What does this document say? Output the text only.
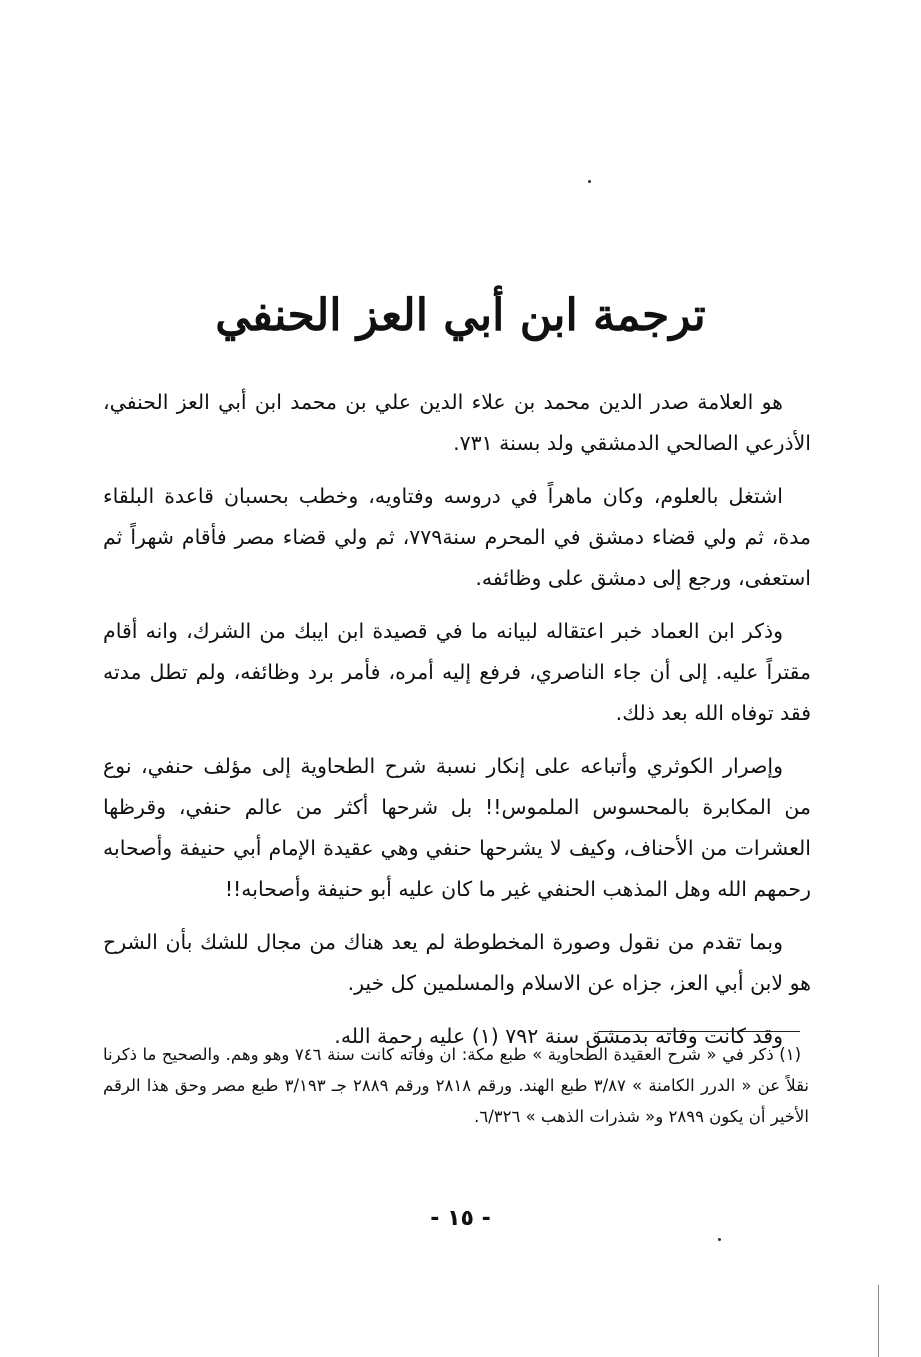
ترجمة ابن أبي العز الحنفي

هو العلامة صدر الدين محمد بن علاء الدين علي بن محمد ابن أبي العز الحنفي، الأذرعي الصالحي الدمشقي ولد بسنة ٧٣١.

اشتغل بالعلوم، وكان ماهراً في دروسه وفتاويه، وخطب بحسبان قاعدة البلقاء مدة، ثم ولي قضاء دمشق في المحرم سنة٧٧٩، ثم ولي قضاء مصر فأقام شهراً ثم استعفى، ورجع إلى دمشق على وظائفه.

وذكر ابن العماد خبر اعتقاله لبيانه ما في قصيدة ابن ايبك من الشرك، وانه أقام مقتراً عليه. إلى أن جاء الناصري، فرفع إليه أمره، فأمر برد وظائفه، ولم تطل مدته فقد توفاه الله بعد ذلك.

وإصرار الكوثري وأتباعه على إنكار نسبة شرح الطحاوية إلى مؤلف حنفي، نوع من المكابرة بالمحسوس الملموس!! بل شرحها أكثر من عالم حنفي، وقرظها العشرات من الأحناف، وكيف لا يشرحها حنفي وهي عقيدة الإمام أبي حنيفة وأصحابه رحمهم الله وهل المذهب الحنفي غير ما كان عليه أبو حنيفة وأصحابه!!

وبما تقدم من نقول وصورة المخطوطة لم يعد هناك من مجال للشك بأن الشرح هو لابن أبي العز، جزاه عن الاسلام والمسلمين كل خير.

وقد كانت وفاته بدمشق سنة ٧٩٢ (١) عليه رحمة الله.

(١) ذكر في « شرح العقيدة الطحاوية » طبع مكة: ان وفاته كانت سنة ٧٤٦ وهو وهم. والصحيح ما ذكرنا نقلاً عن « الدرر الكامنة » ٣/٨٧ طبع الهند. ورقم ٢٨١٨ ورقم ٢٨٨٩ جـ ٣/١٩٣ طبع مصر وحق هذا الرقم الأخير أن يكون ٢٨٩٩ و« شذرات الذهب » ٦/٣٢٦.

- ١٥ -
